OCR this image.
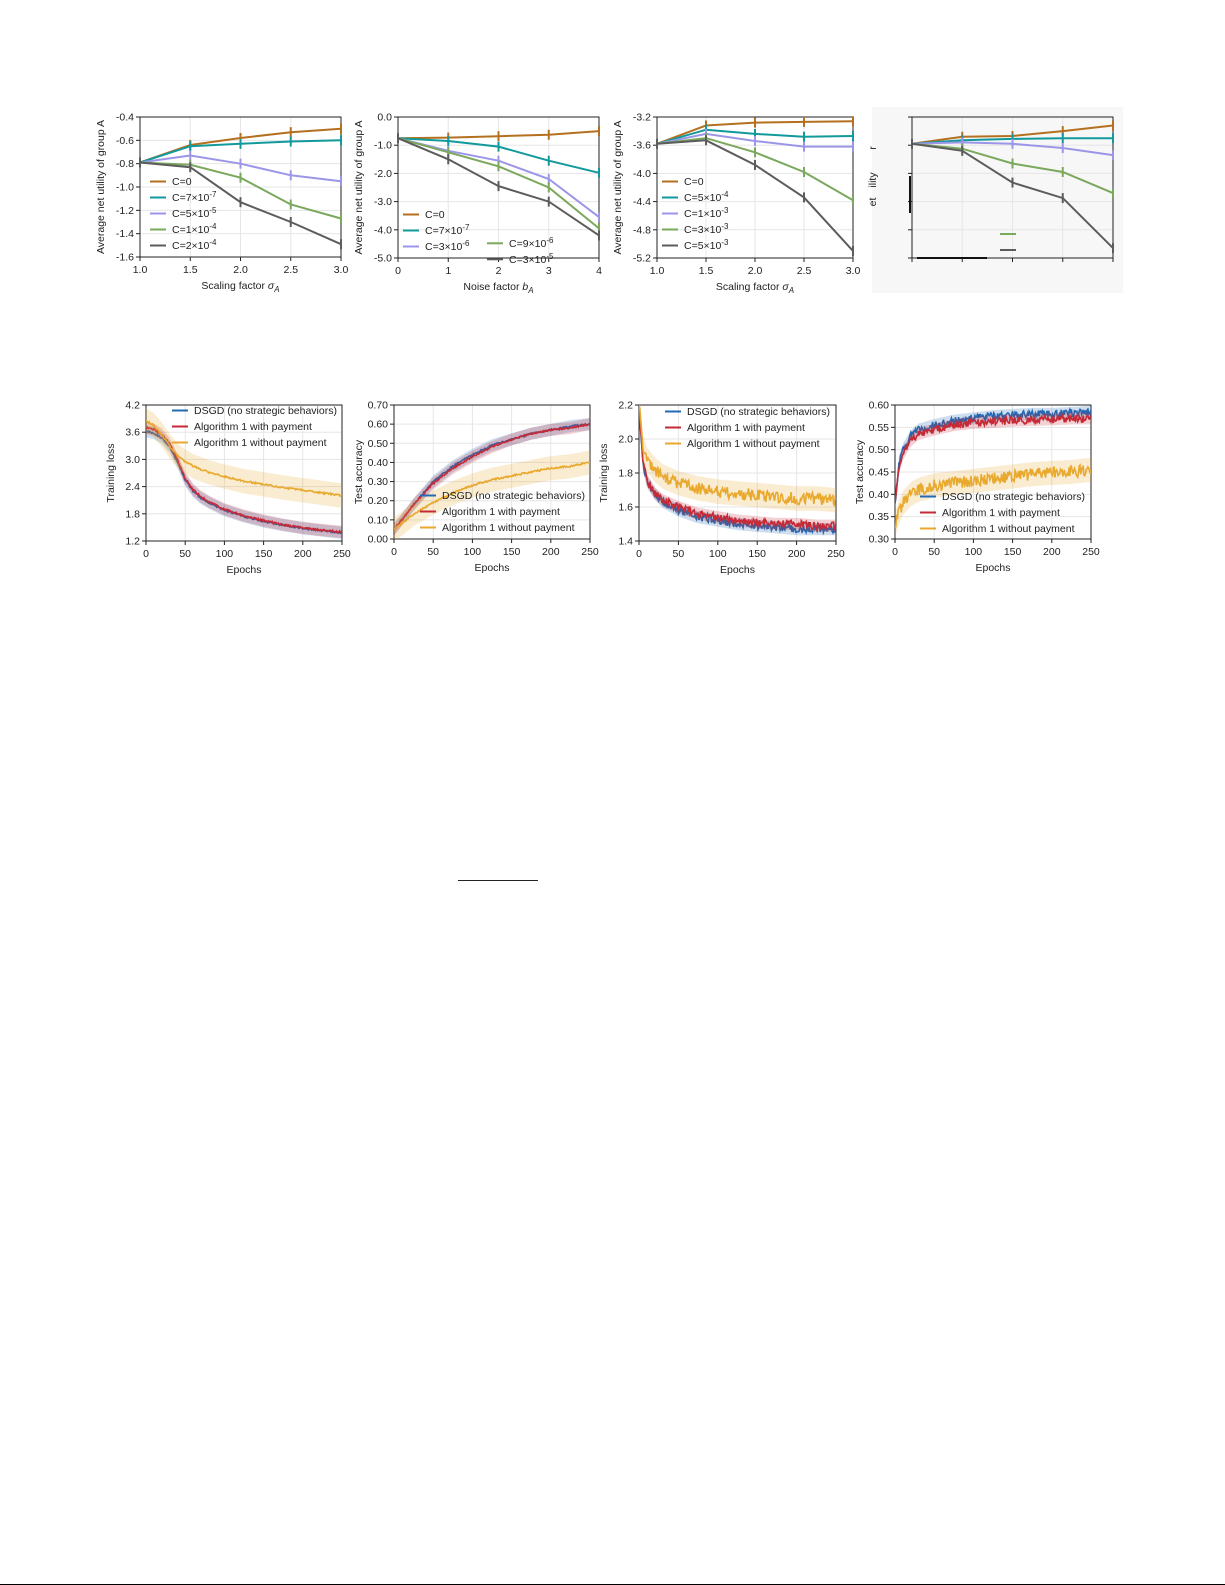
-0.4
-0.6
-0.8
-1.0
-1.2
-1.4
-1.6
1.0	1.5	2.0	2.5	3.0
Scaling factor $\sigma_A$
Average net utility of group A	C=0
$C=7\times 10^{-7}$
$C=5\times 10^{-5}$
$C=1\times 10^{-4}$
$C=2\times 10^{-4}$
0.0
-1.0
-2.0
-3.0
-4.0
-5.0
0	1	2	3	4
Noise factor $b_A$
Average net utility of group A	C=0
$C=7\times 10^{-7}$
$C=3\times 10^{-6}$	$C=9\times 10^{-6}$
$C=3\times 10^{-5}$
-3.2
-3.6
-4.0
-4.4
-4.8
-5.2
1.0	1.5	2.0	2.5	3.0
Scaling factor $\sigma_A$
Average net utility of group A	C=0
$C=5\times 10^{-4}$
$C=1\times 10^{-3}$
$C=3\times 10^{-3}$
$C=5\times 10^{-3}$
r
ility
et
1.2
1.8
2.4
3.0
3.6
4.2
0	50 100 150 200 250
Epochs
Training loss
DSGD (no strategic behaviors)
Algorithm 1 with payment
Algorithm 1 without payment
0.70
0.60
0.50
0.40
0.30
0.20
0.10
0.00
0	50 100 150 200 250
Epochs
Test accuracy	DSGD (no strategic behaviors)
Algorithm 1 with payment
Algorithm 1 without payment
2.2
2.0
1.8
1.6
1.4
0	50 100 150 200 250
Epochs
Training loss
DSGD (no strategic behaviors)
Algorithm 1 with payment
Algorithm 1 without payment
0.60
0.55
0.50
0.45
0.40
0.35
0.30
0	50 100 150 200 250
Epochs
Test accuracy	DSGD (no strategic behaviors)
Algorithm 1 with payment
Algorithm 1 without payment
